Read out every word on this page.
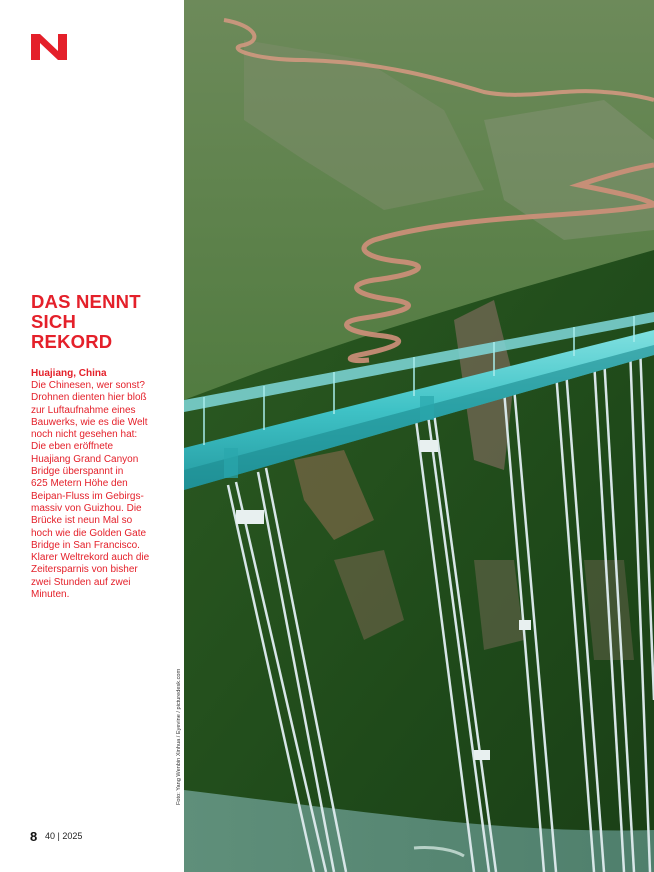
DAS NENNT
SICH
REKORD
Huajiang, China
Die Chinesen, wer sonst?
Drohnen dienten hier bloß
zur Luftaufnahme eines
Bauwerks, wie es die Welt
noch nicht gesehen hat:
Die eben eröffnete
Huajiang Grand Canyon
Bridge überspannt in
625 Metern Höhe den
Beipan-Fluss im Gebirgs-
massiv von Guizhou. Die
Brücke ist neun Mal so
hoch wie die Golden Gate
Bridge in San Francisco.
Klarer Weltrekord auch die
Zeitersparnis von bisher
zwei Stunden auf zwei
Minuten.
Foto: Yang Wenbin Xinhua / Eyevine / picturedesk.com
8 40 | 2025
